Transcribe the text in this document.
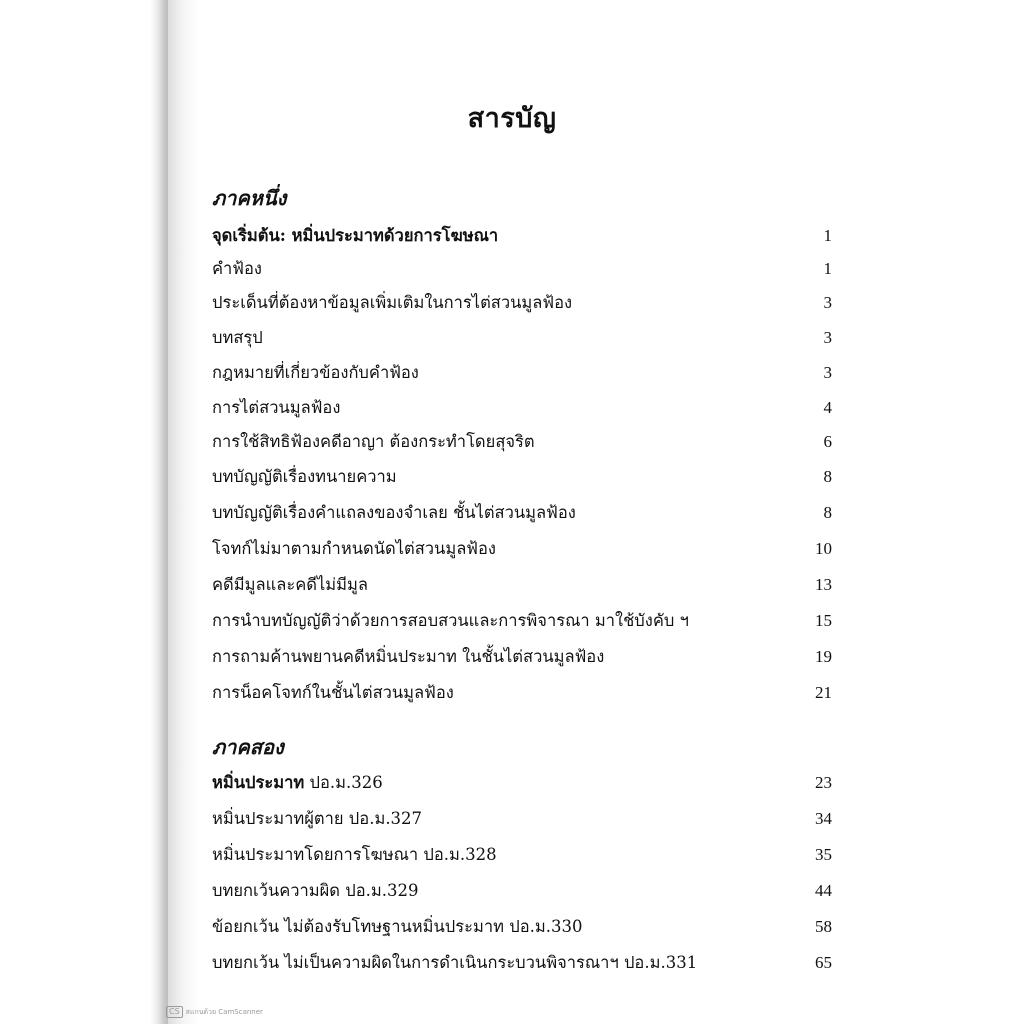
สารบัญ
ภาคหนึ่ง
จุดเริ่มต้น: หมิ่นประมาทด้วยการโฆษณา	1
คำฟ้อง	1
ประเด็นที่ต้องหาข้อมูลเพิ่มเติมในการไต่สวนมูลฟ้อง	3
บทสรุป	3
กฎหมายที่เกี่ยวข้องกับคำฟ้อง	3
การไต่สวนมูลฟ้อง	4
การใช้สิทธิฟ้องคดีอาญา ต้องกระทำโดยสุจริต	6
บทบัญญัติเรื่องทนายความ	8
บทบัญญัติเรื่องคำแถลงของจำเลย ชั้นไต่สวนมูลฟ้อง	8
โจทก์ไม่มาตามกำหนดนัดไต่สวนมูลฟ้อง	10
คดีมีมูลและคดีไม่มีมูล	13
การนำบทบัญญัติว่าด้วยการสอบสวนและการพิจารณา มาใช้บังคับ ฯ	15
การถามค้านพยานคดีหมิ่นประมาท ในชั้นไต่สวนมูลฟ้อง	19
การน็อคโจทก์ในชั้นไต่สวนมูลฟ้อง	21
ภาคสอง
หมิ่นประมาท ปอ.ม.326	23
หมิ่นประมาทผู้ตาย ปอ.ม.327	34
หมิ่นประมาทโดยการโฆษณา ปอ.ม.328	35
บทยกเว้นความผิด ปอ.ม.329	44
ข้อยกเว้น ไม่ต้องรับโทษฐานหมิ่นประมาท ปอ.ม.330	58
บทยกเว้น ไม่เป็นความผิดในการดำเนินกระบวนพิจารณาฯ ปอ.ม.331	65
CS สแกนด้วย CamScanner
